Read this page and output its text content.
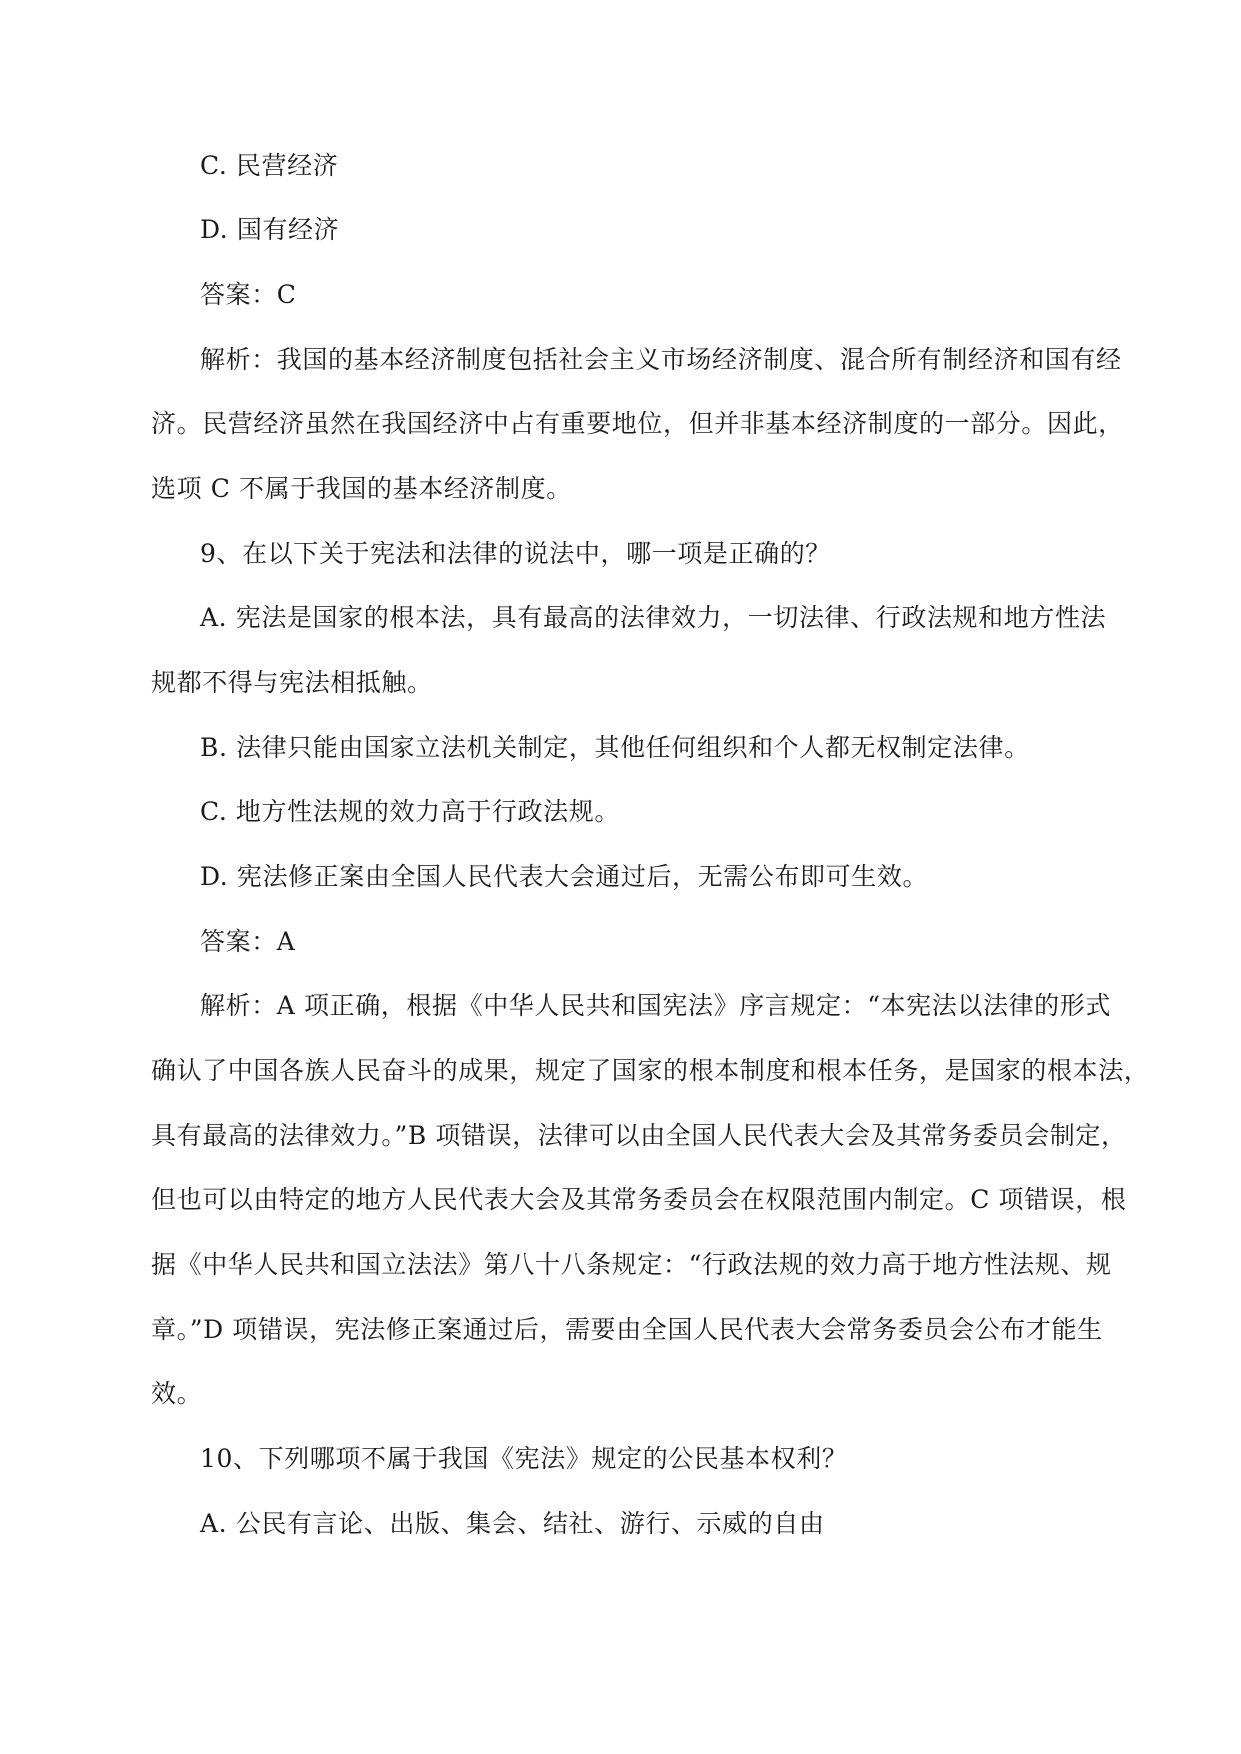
C. 民营经济
D. 国有经济
答案：C
解析：我国的基本经济制度包括社会主义市场经济制度、混合所有制经济和国有经
济。民营经济虽然在我国经济中占有重要地位，但并非基本经济制度的一部分。因此，
选项 C 不属于我国的基本经济制度。
9、在以下关于宪法和法律的说法中，哪一项是正确的？
A. 宪法是国家的根本法，具有最高的法律效力，一切法律、行政法规和地方性法
规都不得与宪法相抵触。
B. 法律只能由国家立法机关制定，其他任何组织和个人都无权制定法律。
C. 地方性法规的效力高于行政法规。
D. 宪法修正案由全国人民代表大会通过后，无需公布即可生效。
答案：A
解析：A 项正确，根据《中华人民共和国宪法》序言规定：“本宪法以法律的形式
确认了中国各族人民奋斗的成果，规定了国家的根本制度和根本任务，是国家的根本法，
具有最高的法律效力。”B 项错误，法律可以由全国人民代表大会及其常务委员会制定，
但也可以由特定的地方人民代表大会及其常务委员会在权限范围内制定。C 项错误，根
据《中华人民共和国立法法》第八十八条规定：“行政法规的效力高于地方性法规、规
章。”D 项错误，宪法修正案通过后，需要由全国人民代表大会常务委员会公布才能生
效。
10、下列哪项不属于我国《宪法》规定的公民基本权利？
A. 公民有言论、出版、集会、结社、游行、示威的自由
